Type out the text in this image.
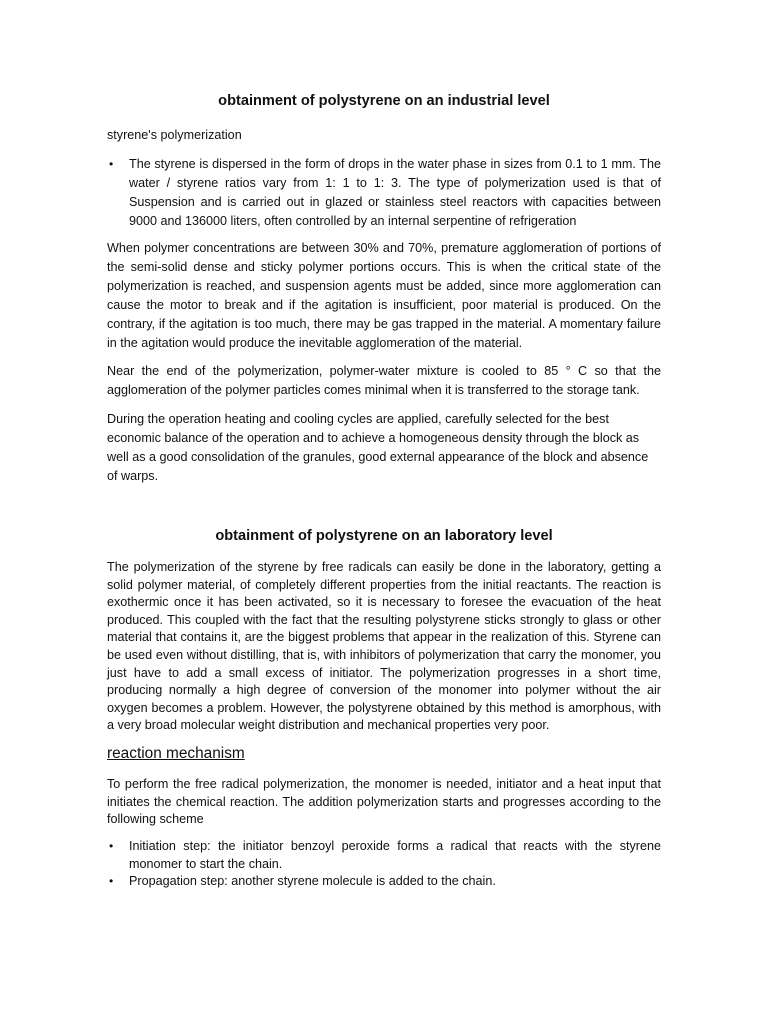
obtainment of polystyrene on an industrial level

styrene's polymerization

• The styrene is dispersed in the form of drops in the water phase in sizes from 0.1 to 1 mm. The water / styrene ratios vary from 1: 1 to 1: 3. The type of polymerization used is that of Suspension and is carried out in glazed or stainless steel reactors with capacities between 9000 and 136000 liters, often controlled by an internal serpentine of refrigeration

When polymer concentrations are between 30% and 70%, premature agglomeration of portions of the semi-solid dense and sticky polymer portions occurs. This is when the critical state of the polymerization is reached, and suspension agents must be added, since more agglomeration can cause the motor to break and if the agitation is insufficient, poor material is produced. On the contrary, if the agitation is too much, there may be gas trapped in the material. A momentary failure in the agitation would produce the inevitable agglomeration of the material.

Near the end of the polymerization, polymer-water mixture is cooled to 85 ° C so that the agglomeration of the polymer particles comes minimal when it is transferred to the storage tank.

During the operation heating and cooling cycles are applied, carefully selected for the best economic balance of the operation and to achieve a homogeneous density through the block as well as a good consolidation of the granules, good external appearance of the block and absence of warps.

obtainment of polystyrene on an laboratory level

The polymerization of the styrene by free radicals can easily be done in the laboratory, getting a solid polymer material, of completely different properties from the initial reactants. The reaction is exothermic once it has been activated, so it is necessary to foresee the evacuation of the heat produced. This coupled with the fact that the resulting polystyrene sticks strongly to glass or other material that contains it, are the biggest problems that appear in the realization of this. Styrene can be used even without distilling, that is, with inhibitors of polymerization that carry the monomer, you just have to add a small excess of initiator. The polymerization progresses in a short time, producing normally a high degree of conversion of the monomer into polymer without the air oxygen becomes a problem. However, the polystyrene obtained by this method is amorphous, with a very broad molecular weight distribution and mechanical properties very poor.

reaction mechanism

To perform the free radical polymerization, the monomer is needed, initiator and a heat input that initiates the chemical reaction. The addition polymerization starts and progresses according to the following scheme

• Initiation step: the initiator benzoyl peroxide forms a radical that reacts with the styrene monomer to start the chain.
• Propagation step: another styrene molecule is added to the chain.
